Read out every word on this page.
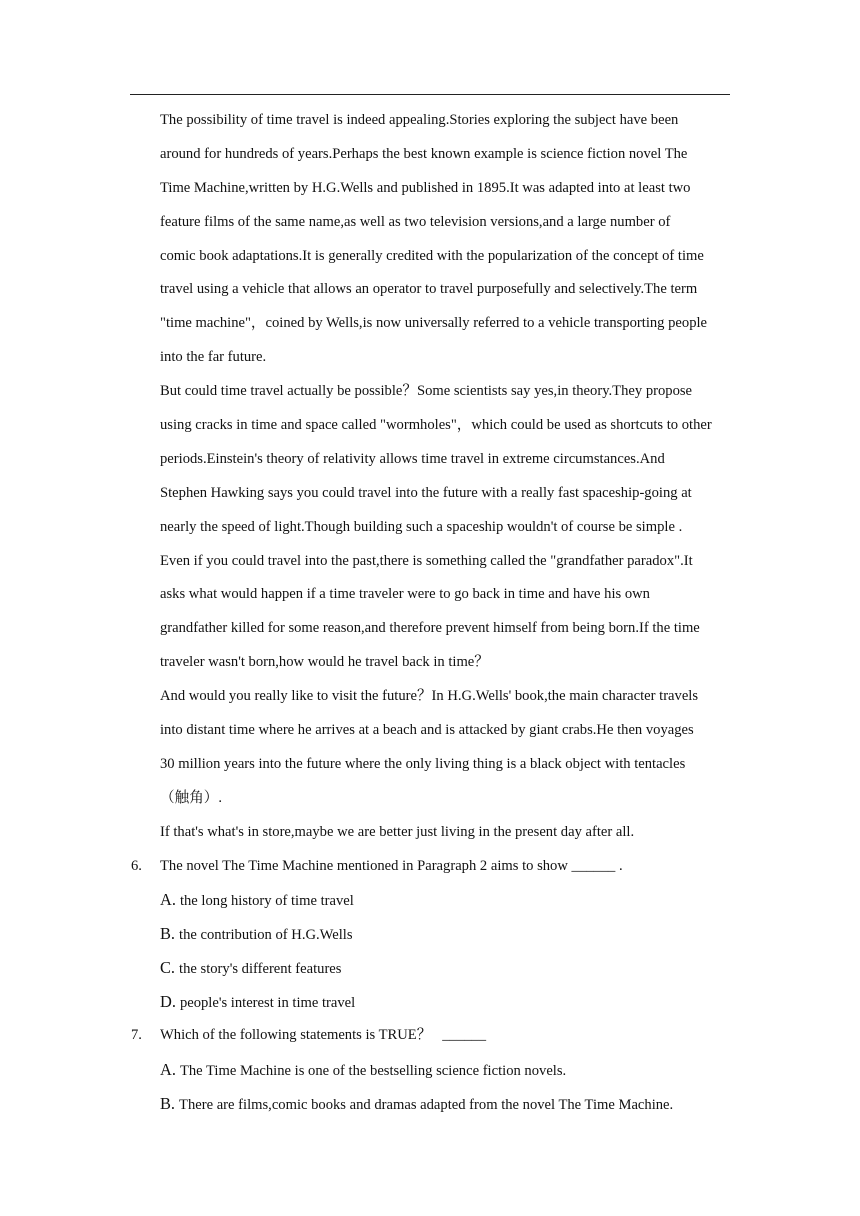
The possibility of time travel is indeed appealing.Stories exploring the subject have been
around for hundreds of years.Perhaps the best known example is science fiction novel The
Time Machine,written by H.G.Wells and published in 1895.It was adapted into at least two
feature films of the same name,as well as two television versions,and a large number of
comic book adaptations.It is generally credited with the popularization of the concept of time
travel using a vehicle that allows an operator to travel purposefully and selectively.The term
"time machine"，coined by Wells,is now universally referred to a vehicle transporting people
into the far future.
But could time travel actually be possible？Some scientists say yes,in theory.They propose
using cracks in time and space called "wormholes"，which could be used as shortcuts to other
periods.Einstein's theory of relativity allows time travel in extreme circumstances.And
Stephen Hawking says you could travel into the future with a really fast spaceship-going at
nearly the speed of light.Though building such a spaceship wouldn't of course be simple .
Even if you could travel into the past,there is something called the "grandfather paradox".It
asks what would happen if a time traveler were to go back in time and have his own
grandfather killed for some reason,and therefore prevent himself from being born.If the time
traveler wasn't born,how would he travel back in time？
And would you really like to visit the future？In H.G.Wells' book,the main character travels
into distant time where he arrives at a beach and is attacked by giant crabs.He then voyages
30 million years into the future where the only living thing is a black object with tentacles
（触角）.
If that's what's in store,maybe we are better just living in the present day after all.
6. The novel The Time Machine mentioned in Paragraph 2 aims to show ______ .
A. the long history of time travel
B. the contribution of H.G.Wells
C. the story's different features
D. people's interest in time travel
7. Which of the following statements is TRUE？   ______
A. The Time Machine is one of the bestselling science fiction novels.
B. There are films,comic books and dramas adapted from the novel The Time Machine.
